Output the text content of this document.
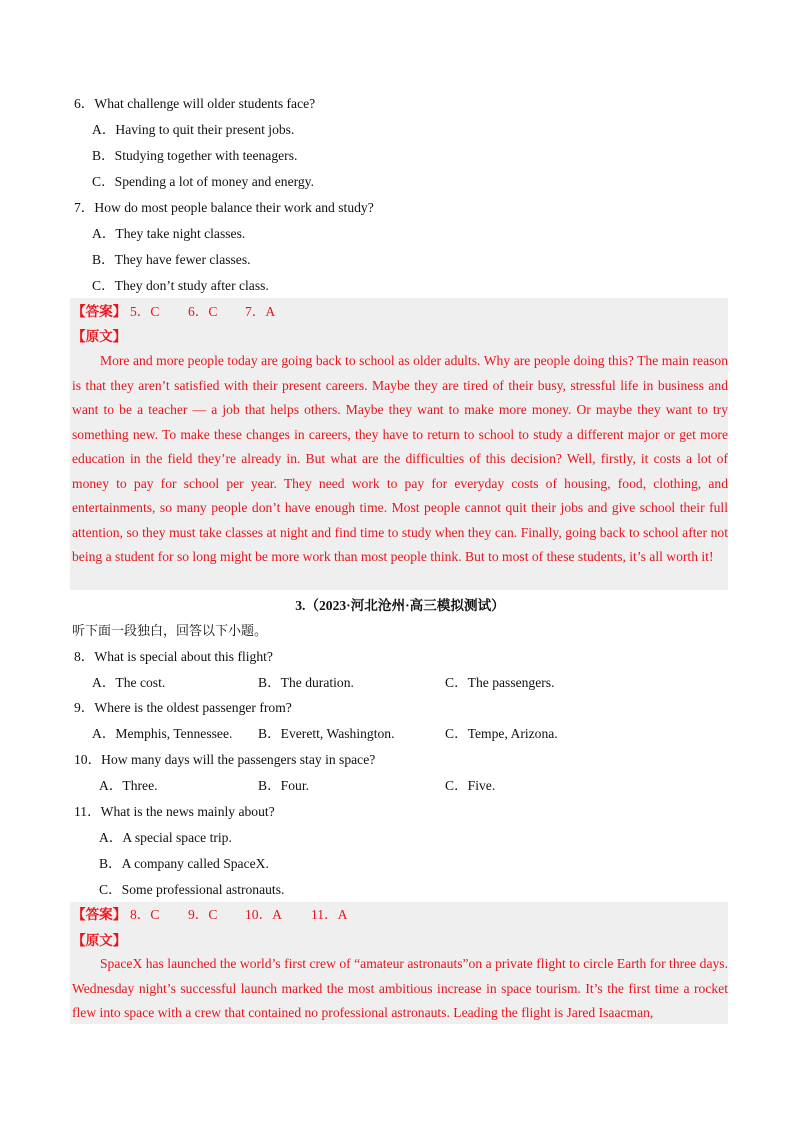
6．What challenge will older students face?
A．Having to quit their present jobs.
B．Studying together with teenagers.
C．Spending a lot of money and energy.
7．How do most people balance their work and study?
A．They take night classes.
B．They have fewer classes.
C．They don’t study after class.
【答案】 5．C 6．C 7．A
【原文】

More and more people today are going back to school as older adults. Why are people doing this? The main reason is that they aren’t satisfied with their present careers. Maybe they are tired of their busy, stressful life in business and want to be a teacher — a job that helps others. Maybe they want to make more money. Or maybe they want to try something new. To make these changes in careers, they have to return to school to study a different major or get more education in the field they’re already in. But what are the difficulties of this decision? Well, firstly, it costs a lot of money to pay for school per year. They need work to pay for everyday costs of housing, food, clothing, and entertainments, so many people don’t have enough time. Most people cannot quit their jobs and give school their full attention, so they must take classes at night and find time to study when they can. Finally, going back to school after not being a student for so long might be more work than most people think. But to most of these students, it’s all worth it!

3.（2023·河北沧州·高三模拟测试）
听下面一段独白，回答以下小题。
8．What is special about this flight?
A．The cost.	B．The duration.	C．The passengers.
9．Where is the oldest passenger from?
A．Memphis, Tennessee. B．Everett, Washington.	C．Tempe, Arizona.
10．How many days will the passengers stay in space?
A．Three.	B．Four.	C．Five.
11．What is the news mainly about?
A．A special space trip.
B．A company called SpaceX.
C．Some professional astronauts.
【答案】 8．C 9．C 10．A 11．A
【原文】

SpaceX has launched the world’s first crew of “amateur astronauts”on a private flight to circle Earth for three days. Wednesday night’s successful launch marked the most ambitious increase in space tourism. It’s the first time a rocket flew into space with a crew that contained no professional astronauts. Leading the flight is Jared Isaacman,
